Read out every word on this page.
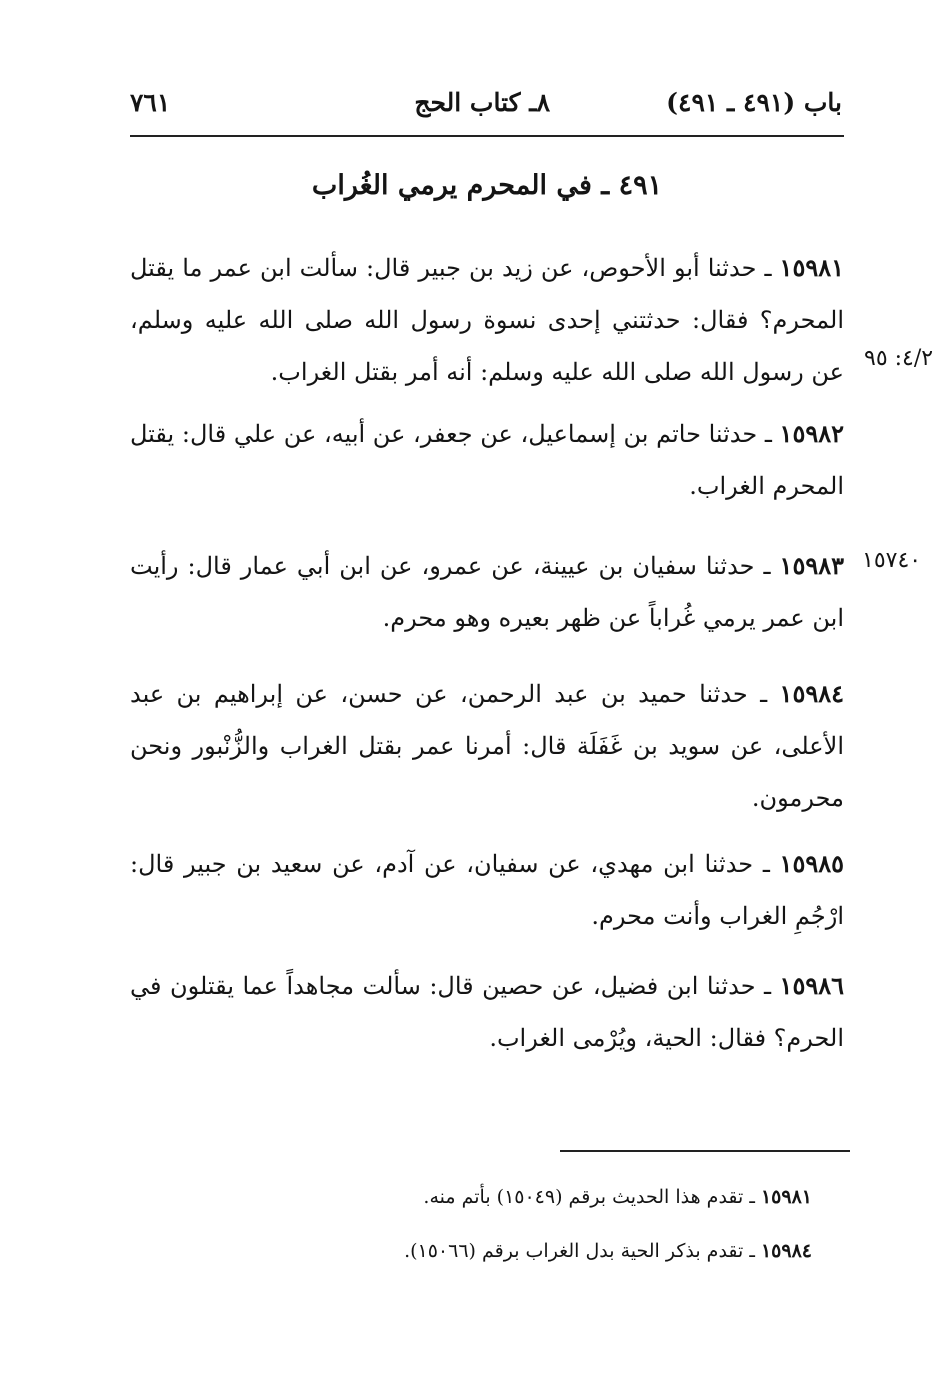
باب (٤٩١ ـ ٤٩١)
٨ـ كتاب الحج
٧٦١
٤٩١ ـ في المحرم يرمي الغُراب
١٥٩٨١ ـ حدثنا أبو الأحوص، عن زيد بن جبير قال: سألت ابن عمر ما يقتل المحرم؟ فقال: حدثتني إحدى نسوة رسول الله صلى الله عليه وسلم، عن رسول الله صلى الله عليه وسلم: أنه أمر بقتل الغراب. ٤/٢: ٩٥
١٥٩٨٢ ـ حدثنا حاتم بن إسماعيل، عن جعفر، عن أبيه، عن علي قال: يقتل المحرم الغراب.
١٥٩٨٣ ـ حدثنا سفيان بن عيينة، عن عمرو، عن ابن أبي عمار قال: رأيت ابن عمر يرمي غُراباً عن ظهر بعيره وهو محرم.
١٥٧٤٠
١٥٩٨٤ ـ حدثنا حميد بن عبد الرحمن، عن حسن، عن إبراهيم بن عبد الأعلى، عن سويد بن غَفَلَة قال: أمرنا عمر بقتل الغراب والزُّنْبور ونحن محرمون.
١٥٩٨٥ ـ حدثنا ابن مهدي، عن سفيان، عن آدم، عن سعيد بن جبير قال: ارْجُمِ الغراب وأنت محرم.
١٥٩٨٦ ـ حدثنا ابن فضيل، عن حصين قال: سألت مجاهداً عما يقتلون في الحرم؟ فقال: الحية، ويُرْمى الغراب.
١٥٩٨١ ـ تقدم هذا الحديث برقم (١٥٠٤٩) بأتم منه.
١٥٩٨٤ ـ تقدم بذكر الحية بدل الغراب برقم (١٥٠٦٦).
